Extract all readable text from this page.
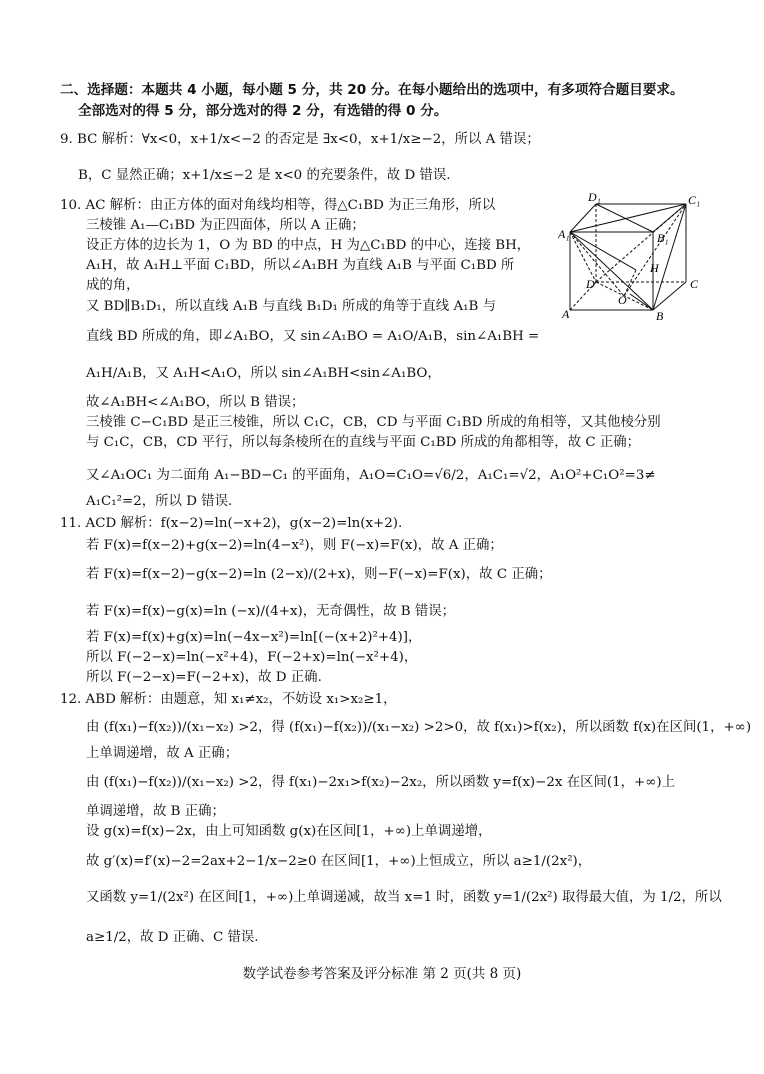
二、选择题：本题共 4 小题，每小题 5 分，共 20 分。在每小题给出的选项中，有多项符合题目要求。
全部选对的得 5 分，部分选对的得 2 分，有选错的得 0 分。
9. BC 解析：∀x<0，x+1/x<−2 的否定是 ∃x<0，x+1/x≥−2，所以 A 错误；
B，C 显然正确；x+1/x≤−2 是 x<0 的充要条件，故 D 错误.
10. AC 解析：由正方体的面对角线均相等，得△C₁BD 为正三角形，所以
三棱锥 A₁—C₁BD 为正四面体，所以 A 正确；
设正方体的边长为 1，O 为 BD 的中点，H 为△C₁BD 的中心，连接 BH，
A₁H，故 A₁H⊥平面 C₁BD，所以∠A₁BH 为直线 A₁B 与平面 C₁BD 所
成的角，
又 BD∥B₁D₁，所以直线 A₁B 与直线 B₁D₁ 所成的角等于直线 A₁B 与
直线 BD 所成的角，即∠A₁BO，又 sin∠A₁BO = A₁O/A₁B，sin∠A₁BH =
A₁H/A₁B，又 A₁H<A₁O，所以 sin∠A₁BH<sin∠A₁BO，
故∠A₁BH<∠A₁BO，所以 B 错误；
三棱锥 C−C₁BD 是正三棱锥，所以 C₁C，CB，CD 与平面 C₁BD 所成的角相等，又其他棱分别
与 C₁C，CB，CD 平行，所以每条棱所在的直线与平面 C₁BD 所成的角都相等，故 C 正确；
又∠A₁OC₁ 为二面角 A₁−BD−C₁ 的平面角，A₁O=C₁O=√6/2，A₁C₁=√2，A₁O²+C₁O²=3≠
A₁C₁²=2，所以 D 错误.
11. ACD 解析：f(x−2)=ln(−x+2)，g(x−2)=ln(x+2).
若 F(x)=f(x−2)+g(x−2)=ln(4−x²)，则 F(−x)=F(x)，故 A 正确；
若 F(x)=f(x−2)−g(x−2)=ln (2−x)/(2+x)，则−F(−x)=F(x)，故 C 正确；
若 F(x)=f(x)−g(x)=ln (−x)/(4+x)，无奇偶性，故 B 错误；
若 F(x)=f(x)+g(x)=ln(−4x−x²)=ln[(−(x+2)²+4)]，
所以 F(−2−x)=ln(−x²+4)，F(−2+x)=ln(−x²+4)，
所以 F(−2−x)=F(−2+x)，故 D 正确.
12. ABD 解析：由题意，知 x₁≠x₂，不妨设 x₁>x₂≥1，
由 (f(x₁)−f(x₂))/(x₁−x₂) >2，得 (f(x₁)−f(x₂))/(x₁−x₂) >2>0，故 f(x₁)>f(x₂)，所以函数 f(x)在区间(1，+∞)
上单调递增，故 A 正确；
由 (f(x₁)−f(x₂))/(x₁−x₂) >2，得 f(x₁)−2x₁>f(x₂)−2x₂，所以函数 y=f(x)−2x 在区间(1，+∞)上
单调递增，故 B 正确；
设 g(x)=f(x)−2x，由上可知函数 g(x)在区间[1，+∞)上单调递增，
故 g′(x)=f′(x)−2=2ax+2−1/x−2≥0 在区间[1，+∞)上恒成立，所以 a≥1/(2x²)，
又函数 y=1/(2x²) 在区间[1，+∞)上单调递减，故当 x=1 时，函数 y=1/(2x²) 取得最大值，为 1/2，所以
a≥1/2，故 D 正确、C 错误.
D₁	C₁
A₁	B₁
H
D
O
C
A	B
数学试卷参考答案及评分标准 第 2 页(共 8 页)
